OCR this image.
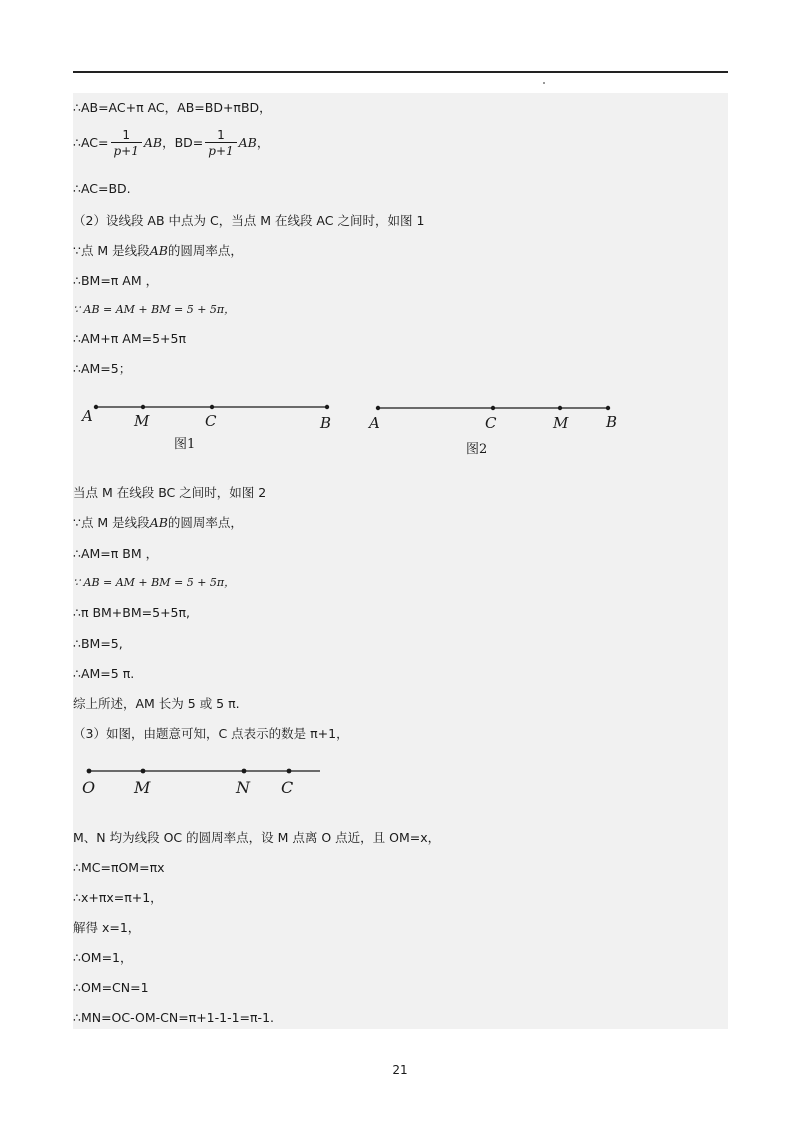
∴AB=AC+π AC，AB=BD+πBD，
∴AC= $\frac{1}{p+1}$ AB，$BD= \frac{1}{p+1}$ AB，
∴AC=BD.
（2）设线段 AB 中点为 C，当点 M 在线段 AC 之间时，如图 1
∵点 M 是线段AB的圆周率点，
∴BM=π AM ，
∵ AB = AM + BM = 5 + 5π，
∴AM+π AM=5+5π
∴AM=5；
A	M	C	B
图1
A	C	M	B
图2
当点 M 在线段 BC 之间时，如图 2
∵点 M 是线段AB的圆周率点，
∴AM=π BM ，
∵ AB = AM + BM = 5 + 5π，
∴π BM+BM=5+5π,
∴BM=5,
∴AM=5 π.
综上所述，AM 长为 5 或 5 π.
（3）如图，由题意可知，C 点表示的数是 π+1，
O M	N C
M、N 均为线段 OC 的圆周率点，设 M 点离 O 点近，且 OM=x，
∴MC=πOM=πx
∴x+πx=π+1，
解得 x=1，
∴OM=1，
∴OM=CN=1
∴MN=OC-OM-CN=π+1-1-1=π-1.
21
